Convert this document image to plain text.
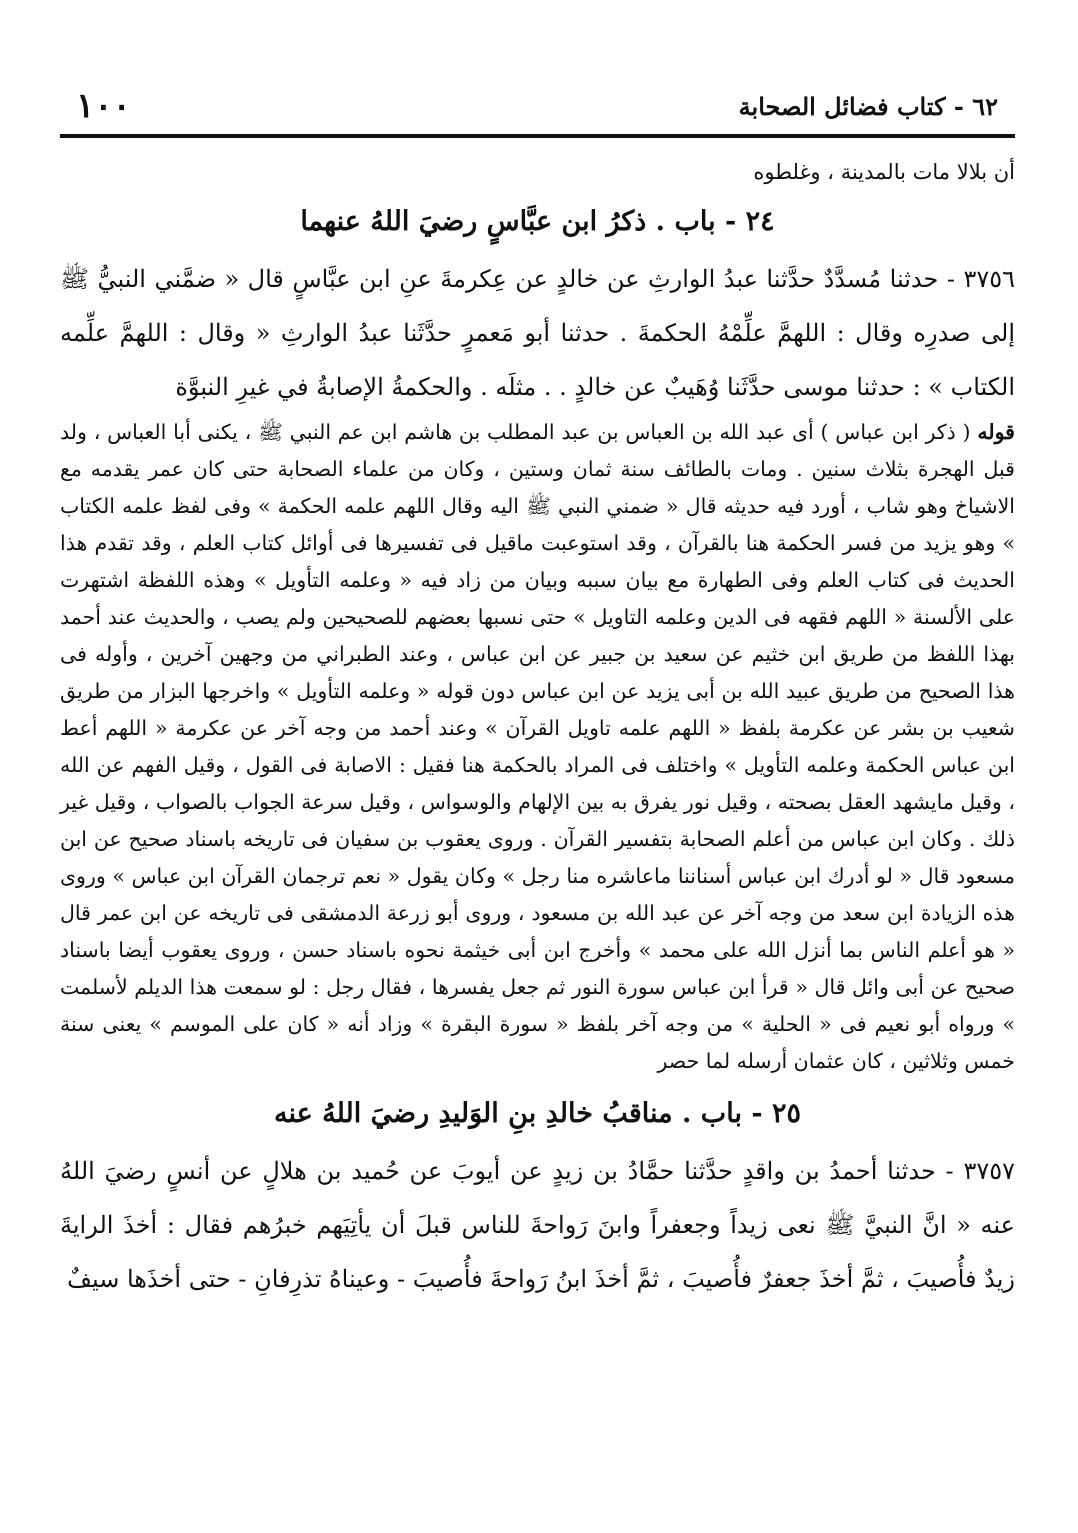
١٠٠	٦٢ - كتاب فضائل الصحابة

أن بلالا مات بالمدينة ، وغلطوه

٢٤ - باب . ذكرُ ابن عبَّاسٍ رضيَ اللهُ عنهما

٣٧٥٦ - حدثنا مُسدَّدٌ حدَّثنا عبدُ الوارثِ عن خالدٍ عن عِكرمةَ عنِ ابن عبَّاسٍ قال « ضمَّني النبيُّ ﷺ إلى صدرِه وقال : اللهمَّ علِّمْهُ الحكمةَ . حدثنا أبو مَعمرٍ حدَّثَنا عبدُ الوارثِ « وقال : اللهمَّ علِّمه الكتاب » : حدثنا موسى حدَّثَنا وُهَيبٌ عن خالدٍ . . مثلَه . والحكمةُ الإصابةُ في غيرِ النبوَّة

قوله ( ذكر ابن عباس ) أى عبد الله بن العباس بن عبد المطلب بن هاشم ابن عم النبي ﷺ ، يكنى أبا العباس ، ولد قبل الهجرة بثلاث سنين . ومات بالطائف سنة ثمان وستين ، وكان من علماء الصحابة حتى كان عمر يقدمه مع الاشياخ وهو شاب ، أورد فيه حديثه قال « ضمني النبي ﷺ اليه وقال اللهم علمه الحكمة » وفى لفظ علمه الكتاب » وهو يزيد من فسر الحكمة هنا بالقرآن ، وقد استوعبت ماقيل فى تفسيرها فى أوائل كتاب العلم ، وقد تقدم هذا الحديث فى كتاب العلم وفى الطهارة مع بيان سببه وبيان من زاد فيه « وعلمه التأويل » وهذه اللفظة اشتهرت على الألسنة « اللهم فقهه فى الدين وعلمه التاويل » حتى نسبها بعضهم للصحيحين ولم يصب ، والحديث عند أحمد بهذا اللفظ من طريق ابن خثيم عن سعيد بن جبير عن ابن عباس ، وعند الطبراني من وجهين آخرين ، وأوله فى هذا الصحيح من طريق عبيد الله بن أبى يزيد عن ابن عباس دون قوله « وعلمه التأويل » واخرجها البزار من طريق شعيب بن بشر عن عكرمة بلفظ « اللهم علمه تاويل القرآن » وعند أحمد من وجه آخر عن عكرمة « اللهم أعط ابن عباس الحكمة وعلمه التأويل » واختلف فى المراد بالحكمة هنا فقيل : الاصابة فى القول ، وقيل الفهم عن الله ، وقيل مايشهد العقل بصحته ، وقيل نور يفرق به بين الإلهام والوسواس ، وقيل سرعة الجواب بالصواب ، وقيل غير ذلك . وكان ابن عباس من أعلم الصحابة بتفسير القرآن . وروى يعقوب بن سفيان فى تاريخه باسناد صحيح عن ابن مسعود قال « لو أدرك ابن عباس أسناننا ماعاشره منا رجل » وكان يقول « نعم ترجمان القرآن ابن عباس » وروى هذه الزيادة ابن سعد من وجه آخر عن عبد الله بن مسعود ، وروى أبو زرعة الدمشقى فى تاريخه عن ابن عمر قال « هو أعلم الناس بما أنزل الله على محمد » وأخرج ابن أبى خيثمة نحوه باسناد حسن ، وروى يعقوب أيضا باسناد صحيح عن أبى وائل قال « قرأ ابن عباس سورة النور ثم جعل يفسرها ، فقال رجل : لو سمعت هذا الديلم لأسلمت » ورواه أبو نعيم فى « الحلية » من وجه آخر بلفظ « سورة البقرة » وزاد أنه « كان على الموسم » يعنى سنة خمس وثلاثين ، كان عثمان أرسله لما حصر

٢٥ - باب . مناقبُ خالدِ بنِ الوَليدِ رضيَ اللهُ عنه

٣٧٥٧ - حدثنا أحمدُ بن واقدٍ حدَّثنا حمَّادُ بن زيدٍ عن أيوبَ عن حُميد بن هلالٍ عن أنسٍ رضيَ اللهُ عنه « انَّ النبيَّ ﷺ نعى زيداً وجعفراً وابنَ رَواحةَ للناس قبلَ أن يأتِيَهم خبرُهم فقال : أخذَ الرايةَ زيدٌ فأُصيبَ ، ثمَّ أخذَ جعفرٌ فأُصيبَ ، ثمَّ أخذَ ابنُ رَواحةَ فأُصيبَ - وعيناهُ تذرِفانِ - حتى أخذَها سيفٌ
